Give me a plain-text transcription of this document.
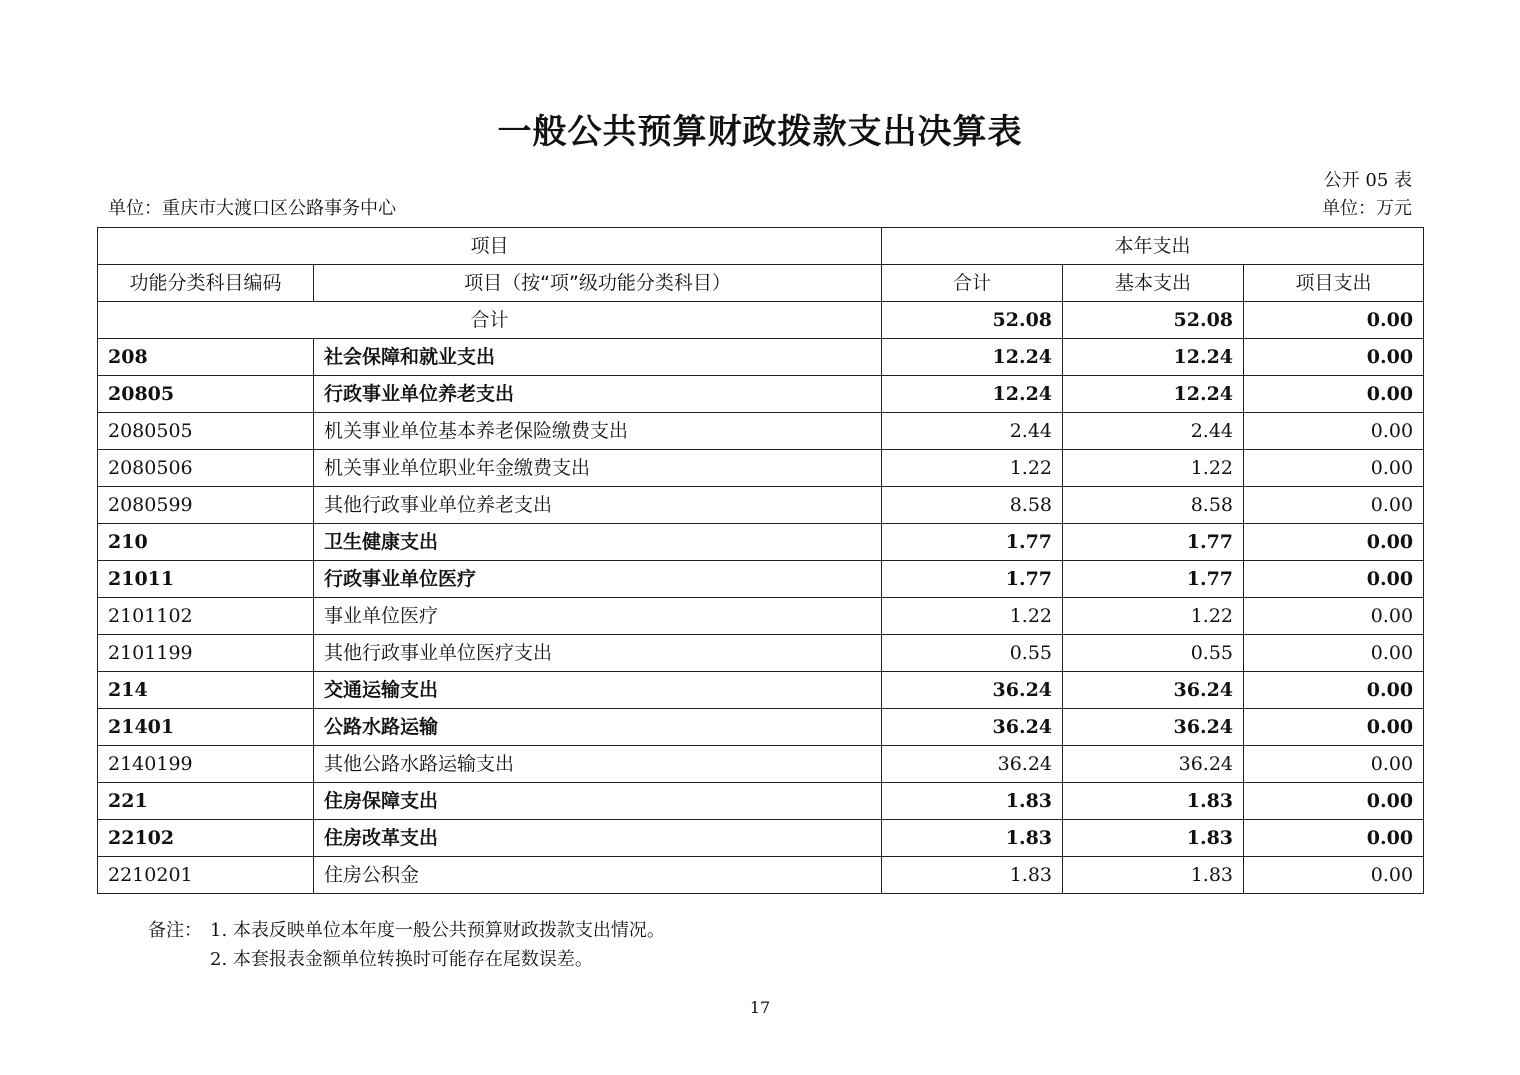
一般公共预算财政拨款支出决算表
公开 05 表
单位：重庆市大渡口区公路事务中心	单位：万元
项目		本年支出		
功能分类科目编码	项目（按“项”级功能分类科目）	合计	基本支出	项目支出
合计		52.08	52.08	0.00
208	社会保障和就业支出	12.24	12.24	0.00
20805	行政事业单位养老支出	12.24	12.24	0.00
2080505	机关事业单位基本养老保险缴费支出	2.44	2.44	0.00
2080506	机关事业单位职业年金缴费支出	1.22	1.22	0.00
2080599	其他行政事业单位养老支出	8.58	8.58	0.00
210	卫生健康支出	1.77	1.77	0.00
21011	行政事业单位医疗	1.77	1.77	0.00
2101102	事业单位医疗	1.22	1.22	0.00
2101199	其他行政事业单位医疗支出	0.55	0.55	0.00
214	交通运输支出	36.24	36.24	0.00
21401	公路水路运输	36.24	36.24	0.00
2140199	其他公路水路运输支出	36.24	36.24	0.00
221	住房保障支出	1.83	1.83	0.00
22102	住房改革支出	1.83	1.83	0.00
2210201	住房公积金	1.83	1.83	0.00
备注： 1. 本表反映单位本年度一般公共预算财政拨款支出情况。
2. 本套报表金额单位转换时可能存在尾数误差。
17
